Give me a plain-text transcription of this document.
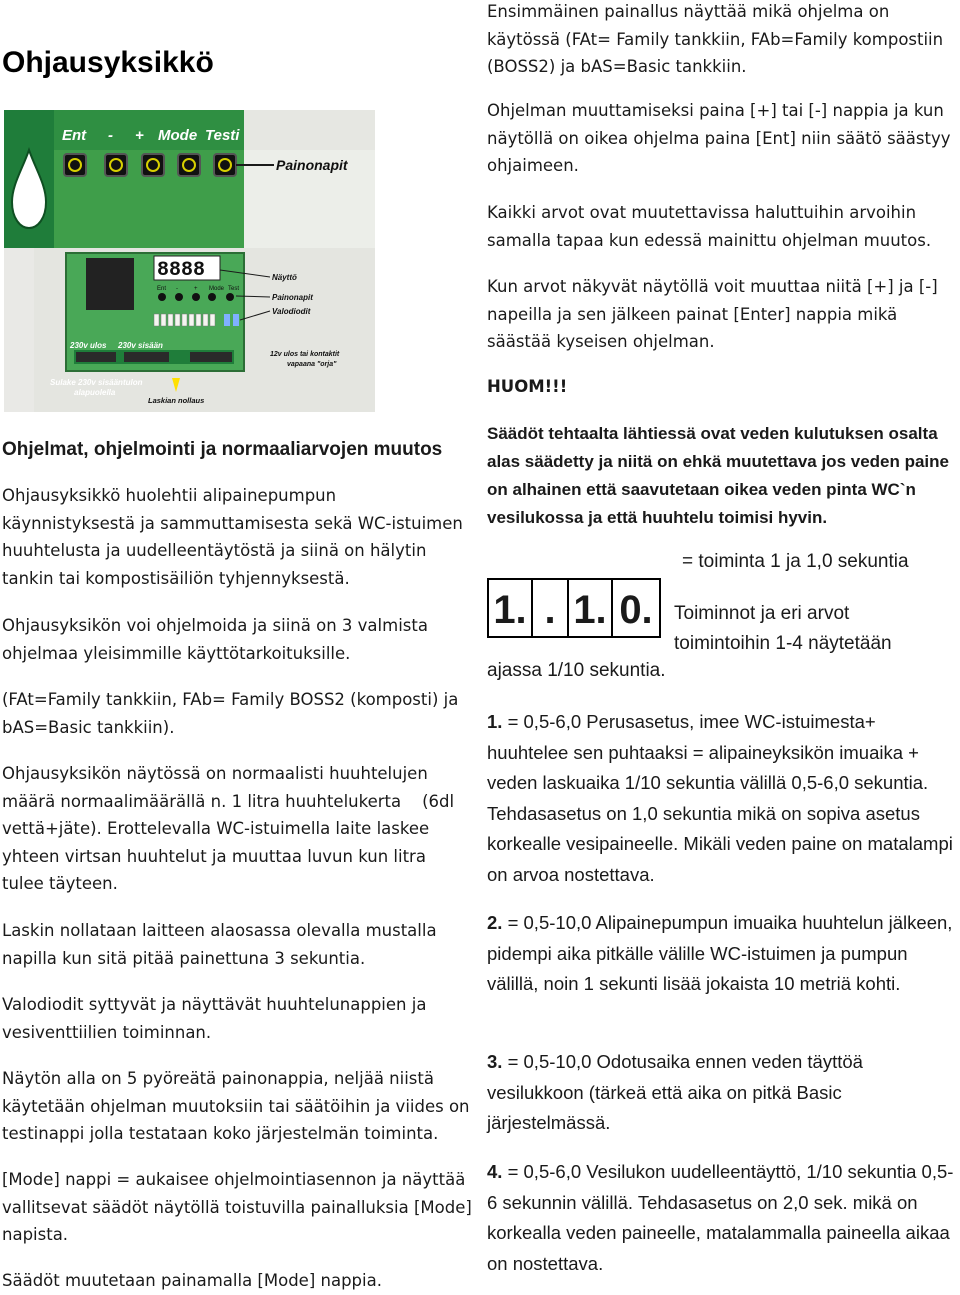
Ohjausyksikkö
Ent - + Mode Testi
Painonapit
8888
Ent -	+ Mode Test
230v ulos 230v sisään
Näyttö
Painonapit
Valodiodit
12v ulos tai kontaktit
vapaana "orja"
Sulake 230v sisääntulon
alapuolella
Laskian nollaus

Ensimmäinen painallus näyttää mikä ohjelma on käytössä (FAt= Family tankkiin, FAb=Family kompostiin (BOSS2) ja bAS=Basic tankkiin.

Ohjelman muuttamiseksi paina [+] tai [-] nappia ja kun näytöllä on oikea ohjelma paina [Ent] niin säätö säästyy ohjaimeen.

Kaikki arvot ovat muutettavissa haluttuihin arvoihin samalla tapaa kun edessä mainittu ohjelman muutos.

Kun arvot näkyvät näytöllä voit muuttaa niitä [+] ja [-] napeilla ja sen jälkeen painat [Enter] nappia mikä säästää kyseisen ohjelman.

HUOM!!!

Säädöt tehtaalta lähtiessä ovat veden kulutuksen osalta alas säädetty ja niitä on ehkä muutettava jos veden paine on alhainen että saavutetaan oikea veden pinta WC`n vesilukossa ja että huuhtelu toimisi hyvin.

= toiminta 1 ja 1,0 sekuntia
1. . 1. 0.	Toiminnot ja eri arvot toimintoihin 1-4 näytetään
ajassa 1/10 sekuntia.
1. = 0,5-6,0 Perusasetus, imee WC-istuimesta+ huuhtelee sen puhtaaksi = alipaineyksikön imuaika + veden laskuaika 1/10 sekuntia välillä 0,5-6,0 sekuntia. Tehdasasetus on 1,0 sekuntia mikä on sopiva asetus korkealle vesipaineelle. Mikäli veden paine on matalampi on arvoa nostettava.
2. = 0,5-10,0 Alipainepumpun imuaika huuhtelun jälkeen, pidempi aika pitkälle välille WC-istuimen ja pumpun välillä, noin 1 sekunti lisää jokaista 10 metriä kohti.
3. = 0,5-10,0 Odotusaika ennen veden täyttöä vesilukkoon (tärkeä että aika on pitkä Basic järjestelmässä.
4. = 0,5-6,0 Vesilukon uudelleentäyttö, 1/10 sekuntia 0,5-6 sekunnin välillä. Tehdasasetus on 2,0 sek. mikä on korkealla veden paineelle, matalammalla paineella aikaa on nostettava.
Ohjelmat, ohjelmointi ja normaaliarvojen muutos

Ohjausyksikkö huolehtii alipainepumpun käynnistyksestä ja sammuttamisesta sekä WC-istuimen huuhtelusta ja uudelleentäytöstä ja siinä on hälytin tankin tai kompostisäiliön tyhjennyksestä.

Ohjausyksikön voi ohjelmoida ja siinä on 3 valmista ohjelmaa yleisimmille käyttötarkoituksille.

(FAt=Family tankkiin, FAb= Family BOSS2 (komposti) ja bAS=Basic tankkiin).

Ohjausyksikön näytössä on normaalisti huuhtelujen määrä normaalimäärällä n. 1 litra huuhtelukerta    (6dl vettä+jäte). Erottelevalla WC-istuimella laite laskee yhteen virtsan huuhtelut ja muuttaa luvun kun litra tulee täyteen.

Laskin nollataan laitteen alaosassa olevalla mustalla napilla kun sitä pitää painettuna 3 sekuntia.

Valodiodit syttyvät ja näyttävät huuhtelunappien ja vesiventtiilien toiminnan.

Näytön alla on 5 pyöreätä painonappia, neljää niistä käytetään ohjelman muutoksiin tai säätöihin ja viides on testinappi jolla testataan koko järjestelmän toiminta.

[Mode] nappi = aukaisee ohjelmointiasennon ja näyttää vallitsevat säädöt näytöllä toistuvilla painalluksia [Mode] napista.

Säädöt muutetaan painamalla [Mode] nappia.
